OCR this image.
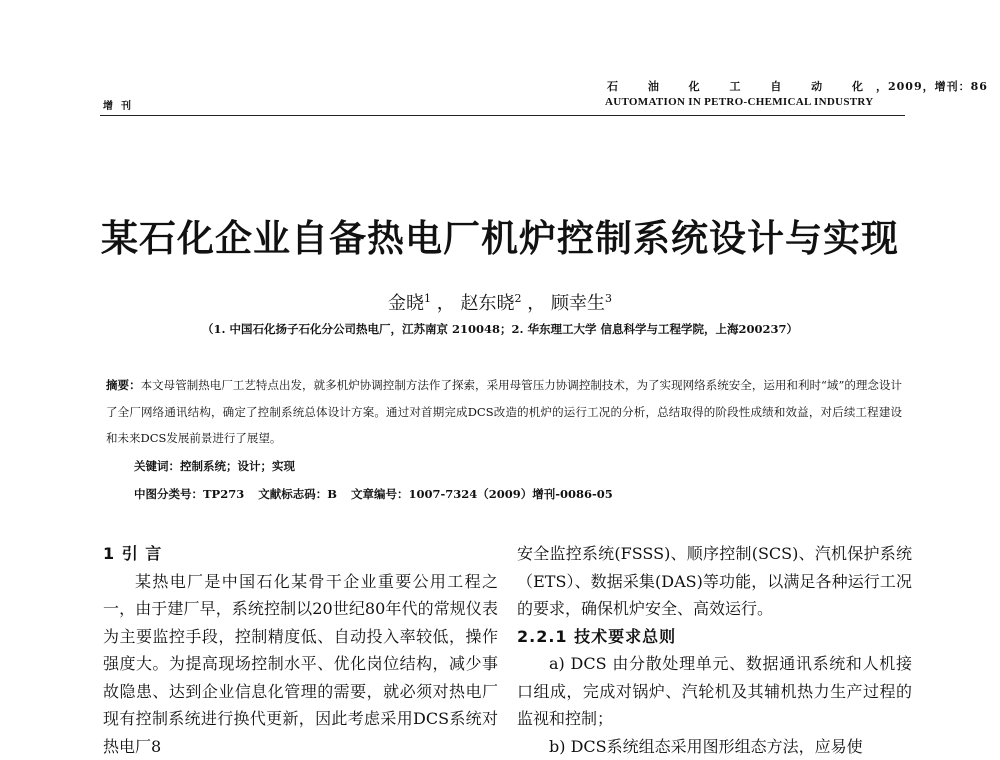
石 油 化 工 自 动 化，2009，增刊：86
AUTOMATION IN PETRO-CHEMICAL INDUSTRY
增刊
某石化企业自备热电厂机炉控制系统设计与实现
金晓$^1$ ， 赵东晓$^2$ ， 顾幸生$^3$
（1. 中国石化扬子石化分公司热电厂，江苏南京 210048；2. 华东理工大学 信息科学与工程学院，上海200237）
摘要：本文母管制热电厂工艺特点出发，就多机炉协调控制方法作了探索，采用母管压力协调控制技术，为了实现网络系统安全，运用和利时“域”的理念设计了全厂网络通讯结构，确定了控制系统总体设计方案。通过对首期完成DCS改造的机炉的运行工况的分析，总结取得的阶段性成绩和效益，对后续工程建设和未来DCS发展前景进行了展望。
关键词：控制系统；设计；实现
中图分类号：TP273 文献标志码：B 文章编号：1007-7324（2009）增刊-0086-05

1 引 言

某热电厂是中国石化某骨干企业重要公用工程之一，由于建厂早，系统控制以20世纪80年代的常规仪表为主要监控手段，控制精度低、自动投入率较低，操作强度大。为提高现场控制水平、优化岗位结构，减少事故隐患、达到企业信息化管理的需要，就必须对热电厂现有控制系统进行换代更新，因此考虑采用DCS系统对热电厂8

安全监控系统(FSSS)、顺序控制(SCS)、汽机保护系统（ETS）、数据采集(DAS)等功能，以满足各种运行工况的要求，确保机炉安全、高效运行。

2.2.1 技术要求总则

a) DCS 由分散处理单元、数据通讯系统和人机接口组成，完成对锅炉、汽轮机及其辅机热力生产过程的监视和控制；

b) DCS系统组态采用图形组态方法，应易使
